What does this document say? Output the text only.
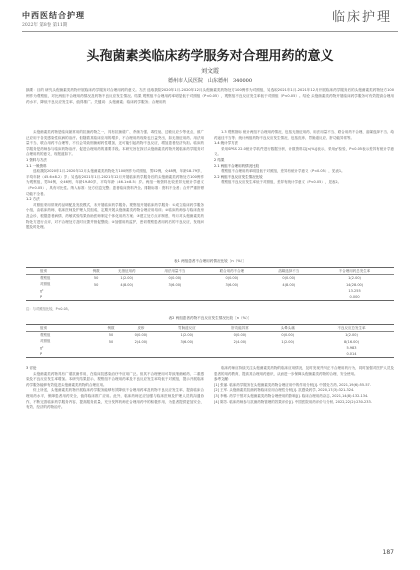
中西医结合护理
2022年 第8卷 第11期
临床护理
头孢菌素类临床药学服务对合理用药的意义
刘文霞
德州市人民医院　山东德州　340000
摘要：目的 研究头孢菌素类药物开展临床药学服务对合理用药的意义。方法 选取我院2020年1月-2020年12月头孢菌素类药物处方100例作为对照组，另选取2021年1月-2021年12月开展临床药学服务后的头孢菌素类药物处方100例作为观察组，对比两组不合理用药情况及药物不良反应发生情况。结果 观察组不合理用药率明显低于对照组（P<0.05），观察组不良反应发生率低于对照组（P<0.05）。结论 头孢菌素类药物开展临床药学服务可有效提高合理用药水平，降低不良反应发生率，值得推广。关键词：头孢菌素；临床药学服务；合理用药

头孢菌素类药物是临床最常用的抗菌药物之一，具有抗菌谱广、杀菌力强、毒性低、过敏反应少等优点，被广泛应用于各类感染性疾病的治疗。但随着其临床应用的增多，不合理用药现象也日益突出，如无指征用药、用法用量不当、联合用药不合理等，不仅会导致细菌耐药性增加，还可能引起药物不良反应，增加患者经济负担。临床药学服务是药师参与临床药物治疗、促进合理用药的重要手段。本研究旨在探讨头孢菌素类药物开展临床药学服务对合理用药的意义，现报道如下。

1 资料与方法

1.1 一般资料

选取我院2020年1月-2020年12月头孢菌素类药物处方100例作为对照组，男52例，女48例，年龄18-79岁，平均年龄（45.6±8.2）岁；另选取2021年1月-2021年12月开展临床药学服务后的头孢菌素类药物处方100例作为观察组，男54例，女46例，年龄19-80岁，平均年龄（46.1±8.5）岁。两组一般资料比较差异无统计学意义（P>0.05），具有可比性。纳入标准：处方信息完整；患者临床资料齐全。排除标准：资料不全者；合并严重肝肾功能不全者。

1.2 方法

对照组采用常规药品调配及发放模式，未开展临床药学服务。观察组开展临床药学服务：①成立临床药学服务小组，由临床药师、临床医师及护理人员组成，定期开展头孢菌素类药物合理应用培训；②临床药师参与临床查房及会诊，根据患者病情、药敏试验结果协助医师制定个体化用药方案；③建立处方点评制度，每月对头孢菌素类药物处方进行点评，对不合理处方及时反馈并督促整改；④加强用药监护，密切观察患者用药后的不良反应，发现问题及时处理。

1.3 观察指标 统计两组不合理用药情况，包括无指征用药、用法用量不当、联合用药不合理、溶媒选择不当、给药途径不当等；统计两组药物不良反应发生情况，包括皮疹、胃肠道反应、肝功能异常等。

1.4 统计学方法

采用SPSS 22.0统计学软件进行数据分析，计数资料以[n(%)]表示，采用χ²检验，P<0.05表示差异有统计学意义。

2 结果

2.1 两组不合理用药情况比较

观察组不合理用药率明显低于对照组，差异有统计学意义（P<0.05），见表1。

2.2 两组不良反应发生情况比较

观察组不良反应发生率低于对照组，差异有统计学意义（P<0.05），见表2。

表1 两组患者不合理用药情况比较［n（%）］
组别	例数	无指征用药	用法用量不当	联合用药不合理	溶媒选择不当	不合理用药总发生率
观察组	50	1(2.00)	0(0.00)	0(0.00)	0(0.00)	1(2.00)
对照组	50	4(8.00)	3(6.00)	3(6.00)	4(8.00)	14(28.00)
χ²						13.255
P						0.000
注：与对照组比较，P<0.05。
表2 两组患者药物不良反应发生情况比较［n（%）］
组别	例数	皮疹	胃肠道反应	肝功能异常	头晕头痛	不良反应总发生率
观察组	50	0(0.00)	1(2.00)	0(0.00)	0(0.00)	1(2.00)
对照组	50	2(4.00)	3(6.00)	2(4.00)	1(2.00)	8(16.00)
χ²						5.983
P						0.014

3 讨论

头孢菌素类药物具有广谱抗菌作用，在临床抗感染治疗中应用广泛。但其不合理使用可导致细菌耐药、二重感染及不良反应发生率增加。本研究结果显示，观察组不合理用药率及不良反应发生率均低于对照组，提示开展临床药学服务能够有效促进头孢菌素类药物的合理应用。

综上所述，头孢菌素类药物开展临床药学服务能够有效降低不合理用药率及药物不良反应发生率，提高临床合理用药水平，保障患者用药安全，值得临床推广应用。此外，临床药师还应加强与临床医师及护理人员的沟通协作，不断完善临床药学服务内容，提高服务质量，充分发挥药师在合理用药中的积极作用，为患者提供更加安全、有效、经济的药物治疗。

临床药师应持续关注头孢菌素类药物的临床应用情况，及时发现并纠正不合理用药行为，同时加强对医护人员及患者的用药教育，提高其合理用药意识，从而进一步保障头孢菌素类药物的合理、安全使用。

参考文献：

[1] 张丽. 临床药学服务在头孢菌素类药物合理应用中的作用分析[J]. 中国处方药, 2021,19(6):55-57.

[2] 王军. 头孢菌素类抗菌药物临床应用合理性分析[J]. 抗感染药学, 2020,17(3):321-324.

[3] 李敏. 药学干预对头孢菌素类药物合理使用的影响[J]. 临床合理用药杂志, 2021,14(8):132-134.

[4] 陈芳. 临床药师参与抗菌药物管理的效果评价[J]. 中国医院用药评价与分析, 2022,22(2):230-233.

187
